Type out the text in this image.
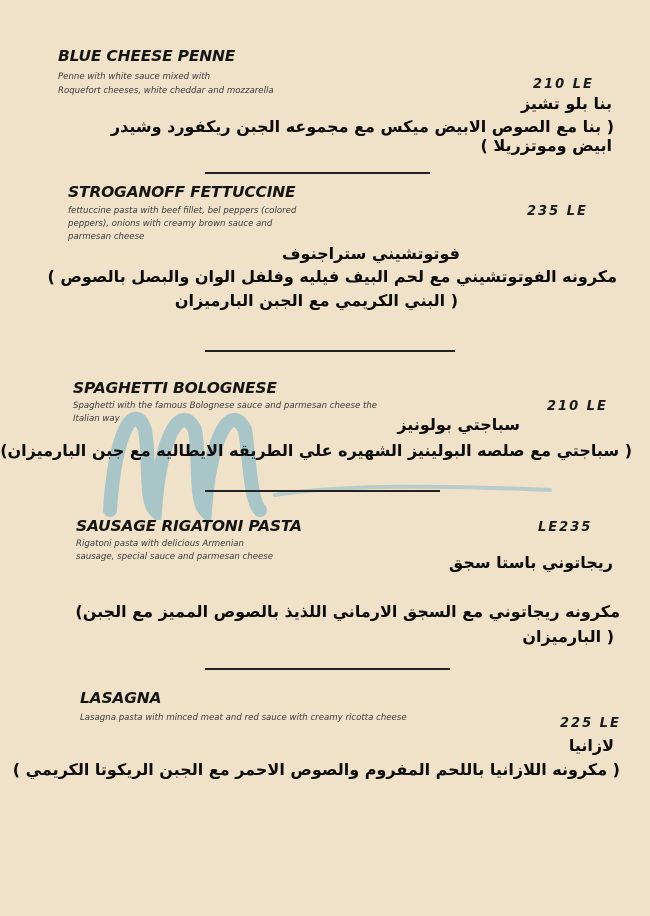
BLUE CHEESE PENNE
Penne with white sauce mixed with
Roquefort cheeses, white cheddar and mozzarella	210 LE
بنا بلو تشيز
( بنا مع الصوص الابيض ميكس مع مجموعه الجبن ريكفورد وشيدر
ابيض وموتزريلا )
STROGANOFF FETTUCCINE
fettuccine pasta with beef fillet, bel peppers (colored
peppers), onions with creamy brown sauce and
parmesan cheese
235 LE
فوتوتشيني ستراجنوف
مكرونه الفوتوتشيني مع لحم البيف فيليه وفلفل الوان والبصل بالصوص )
( البني الكريمي مع الجبن البارميزان
SPAGHETTI BOLOGNESE
Spaghetti with the famous Bolognese sauce and parmesan cheese the
Italian way
210 LE
سباجتي بولونيز
( سباجتي مع صلصه البولينيز الشهيره علي الطريقه الايطاليه مع جبن البارميزان)
SAUSAGE RIGATONI PASTA
Rigatoni pasta with delicious Armenian
sausage, special sauce and parmesan cheese
LE235
ريجاتوني باستا سجق
مكرونه ريجاتوني مع السجق الارماني اللذيذ بالصوص المميز مع الجبن)
( البارميزان
LASAGNA
Lasagna pasta with minced meat and red sauce with creamy ricotta cheese	225 LE
لازانيا
( مكرونه اللازانيا باللحم المفروم والصوص الاحمر مع الجبن الريكوتا الكريمي )
